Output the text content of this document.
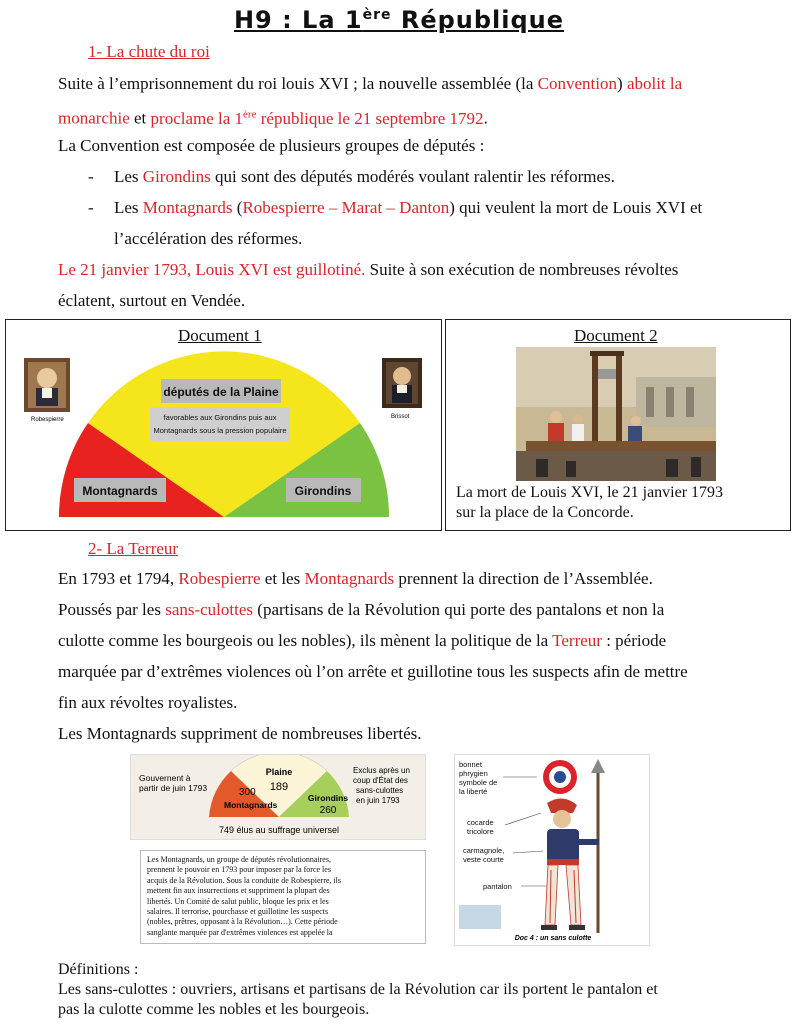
H9 : La 1ère République
1- La chute du roi
Suite à l’emprisonnement du roi louis XVI ; la nouvelle assemblée (la Convention) abolit la
monarchie et proclame la 1ère république le 21 septembre 1792.
La Convention est composée de plusieurs groupes de députés :
- Les Girondins qui sont des députés modérés voulant ralentir les réformes.
- Les Montagnards (Robespierre – Marat – Danton) qui veulent la mort de Louis XVI et
l’accélération des réformes.
Le 21 janvier 1793, Louis XVI est guillotiné. Suite à son exécution de nombreuses révoltes
éclatent, surtout en Vendée.
Document 1
Robespierre	Brissot
députés de la Plaine
favorables aux Girondins puis aux
Montagnards sous la pression populaire
Montagnards	Girondins
Document 2
La mort de Louis XVI, le 21 janvier 1793
sur la place de la Concorde.
2- La Terreur
En 1793 et 1794, Robespierre et les Montagnards prennent la direction de l’Assemblée.
Poussés par les sans-culottes (partisans de la Révolution qui porte des pantalons et non la
culotte comme les bourgeois ou les nobles), ils mènent la politique de la Terreur : période
marquée par d’extrêmes violences où l’on arrête et guillotine tous les suspects afin de mettre
fin aux révoltes royalistes.
Les Montagnards suppriment de nombreuses libertés.
Gouvernent à
partir de juin 1793	300
Montagnards
Plaine
189
Girondins
260
Exclus après un
coup d'État des
sans-culottes
en juin 1793
749 élus au suffrage universel
Les Montagnards, un groupe de députés révolutionnaires,
prennent le pouvoir en 1793 pour imposer par la force les
acquis de la Révolution. Sous la conduite de Robespierre, ils
mettent fin aux insurrections et suppriment la plupart des
libertés. Un Comité de salut public, bloque les prix et les
salaires. Il terrorise, pourchasse et guillotine les suspects
(nobles, prêtres, opposant à la Révolution…). Cette période
sanglante marquée par d'extrêmes violences est appelée la
bonnet
phrygien
symbole de
la liberté
cocarde
tricolore
carmagnole,
veste courte
pantalon
Doc 4 : un sans culotte
Définitions :
Les sans-culottes : ouvriers, artisans et partisans de la Révolution car ils portent le pantalon et
pas la culotte comme les nobles et les bourgeois.
